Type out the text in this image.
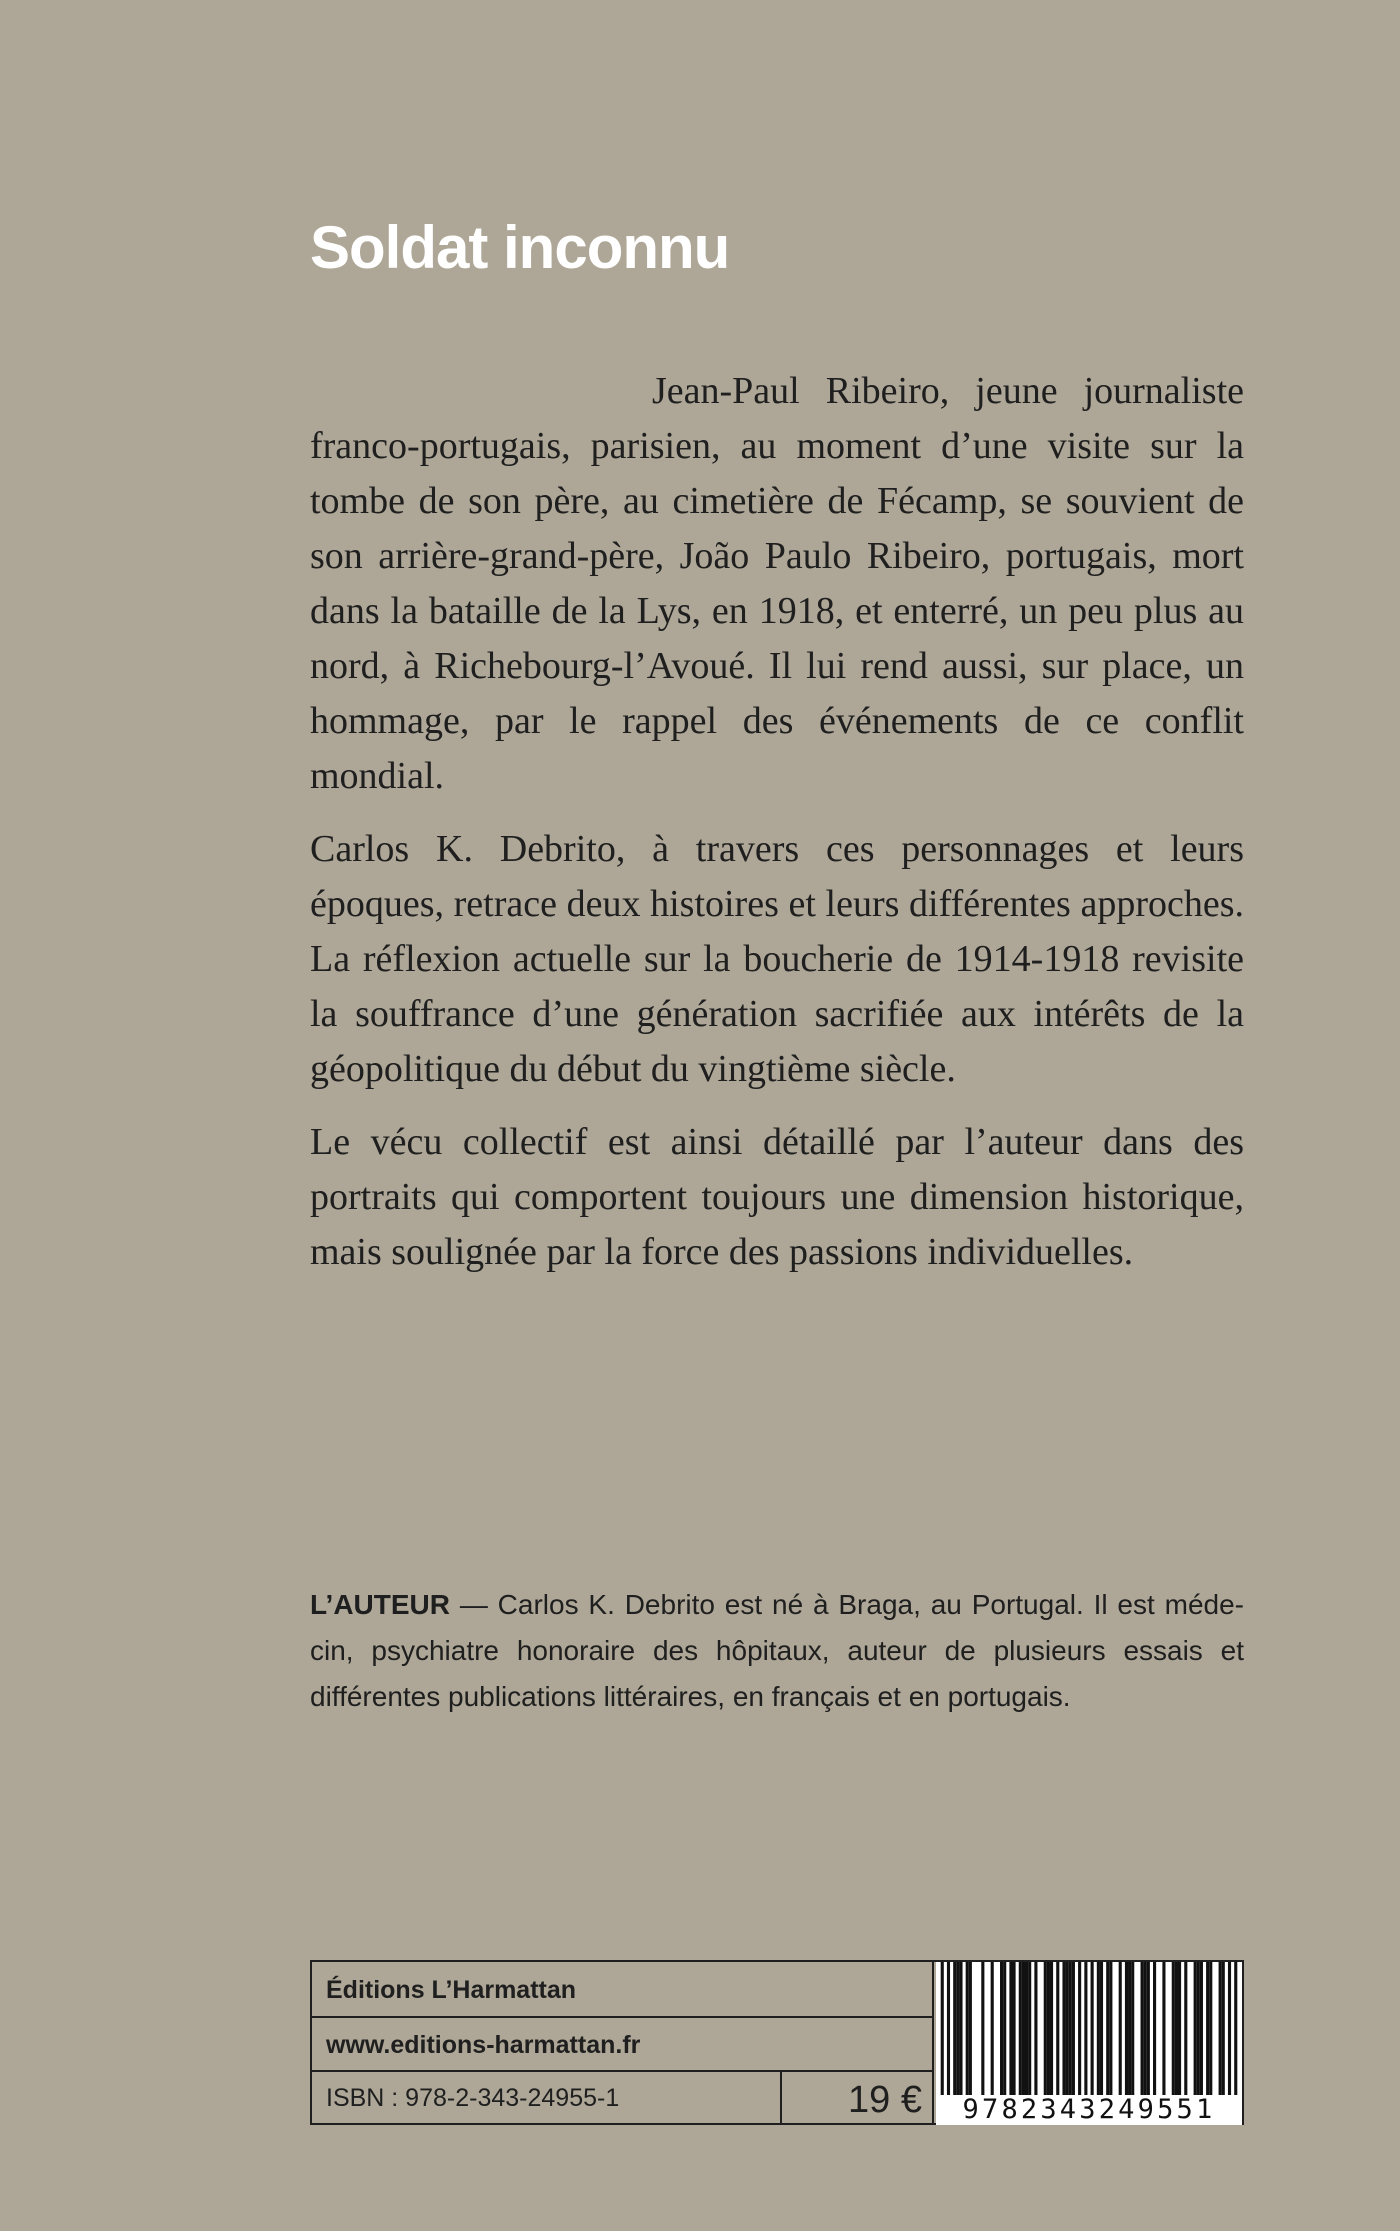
Soldat inconnu

Jean-Paul Ribeiro, jeune journaliste franco-portugais, parisien, au moment d’une visite sur la tombe de son père, au cimetière de Fécamp, se souvient de son arrière-grand-père, João Paulo Ribeiro, portugais, mort dans la bataille de la Lys, en 1918, et enterré, un peu plus au nord, à Richebourg-l’Avoué. Il lui rend aussi, sur place, un hommage, par le rappel des événements de ce conflit mondial.

Carlos K. Debrito, à travers ces personnages et leurs époques, retrace deux histoires et leurs différentes approches. La réflexion actuelle sur la boucherie de 1914-1918 revisite la souffrance d’une génération sacrifiée aux intérêts de la géopolitique du début du vingtième siècle.

Le vécu collectif est ainsi détaillé par l’auteur dans des portraits qui comportent toujours une dimension historique, mais soulignée par la force des passions individuelles.

L’AUTEUR — Carlos K. Debrito est né à Braga, au Portugal. Il est médecin, psychiatre honoraire des hôpitaux, auteur de plusieurs essais et différentes publications littéraires, en français et en portugais.

Éditions L’Harmattan
www.editions-harmattan.fr
ISBN : 978-2-343-24955-1	19 €	9782343249551
